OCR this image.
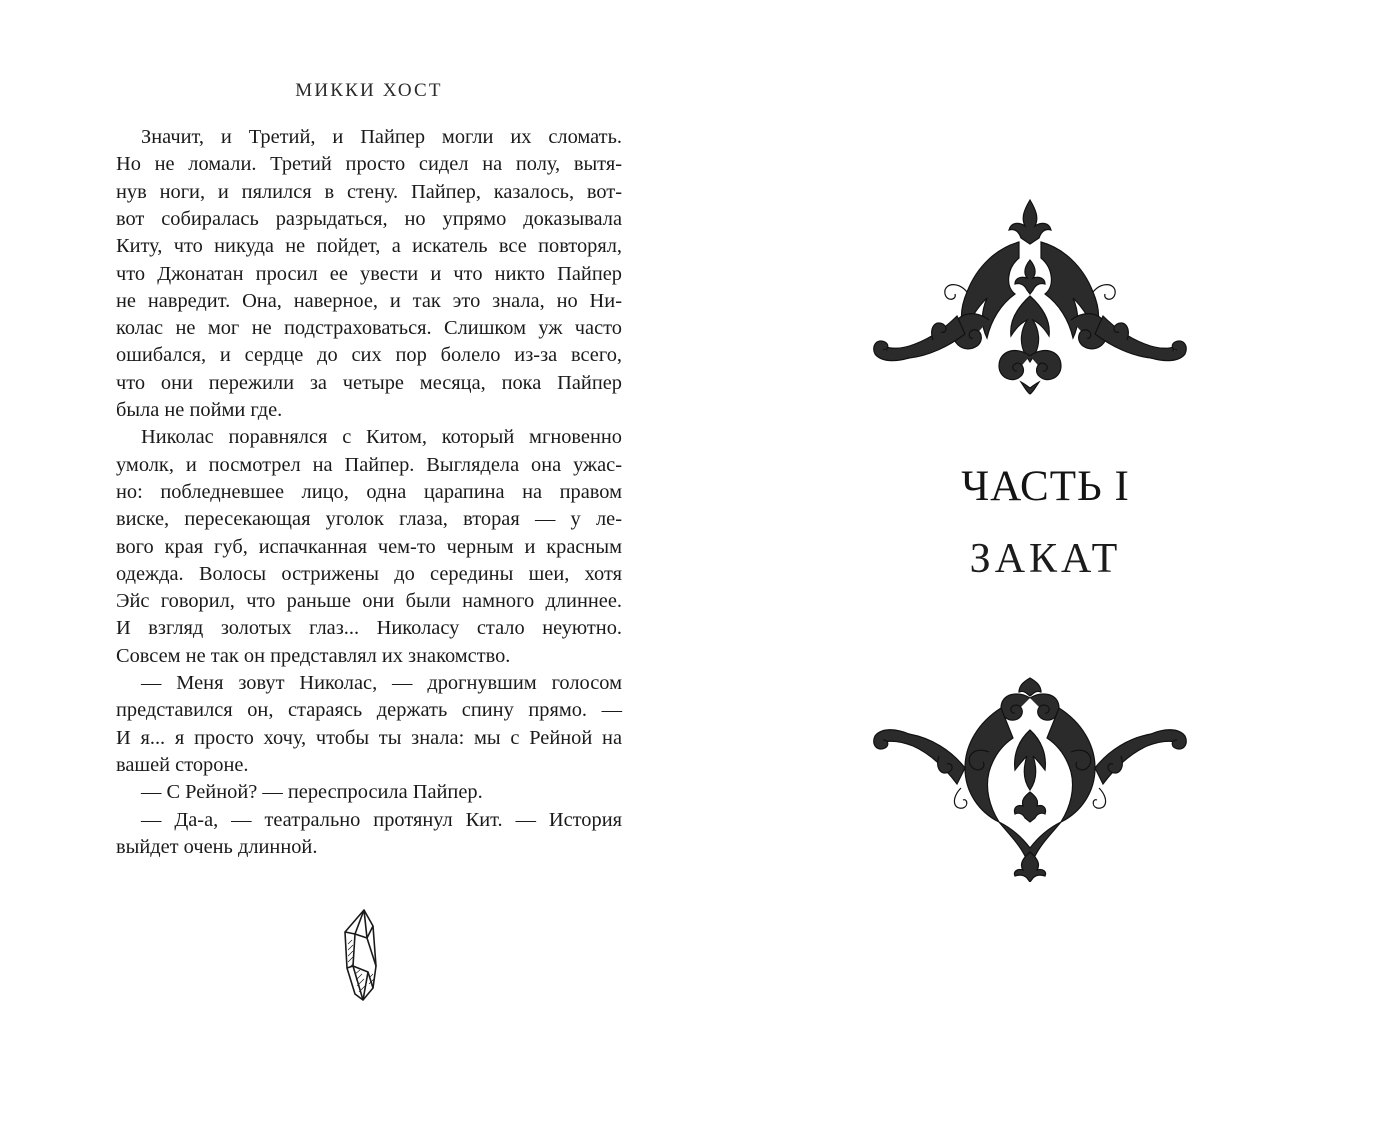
МИККИ ХОСТ
Значит, и Третий, и Пайпер могли их сломать.
Но не ломали. Третий просто сидел на полу, вытя-
нув ноги, и пялился в стену. Пайпер, казалось, вот-
вот собиралась разрыдаться, но упрямо доказывала
Киту, что никуда не пойдет, а искатель все повторял,
что Джонатан просил ее увести и что никто Пайпер
не навредит. Она, наверное, и так это знала, но Ни-
колас не мог не подстраховаться. Слишком уж часто
ошибался, и сердце до сих пор болело из-за всего,
что они пережили за четыре месяца, пока Пайпер
была не пойми где.
Николас поравнялся с Китом, который мгновенно
умолк, и посмотрел на Пайпер. Выглядела она ужас-
но: побледневшее лицо, одна царапина на правом
виске, пересекающая уголок глаза, вторая — у ле-
вого края губ, испачканная чем-то черным и красным
одежда. Волосы острижены до середины шеи, хотя
Эйс говорил, что раньше они были намного длиннее.
И взгляд золотых глаз... Николасу стало неуютно.
Совсем не так он представлял их знакомство.
— Меня зовут Николас, — дрогнувшим голосом
представился он, стараясь держать спину прямо. —
И я... я просто хочу, чтобы ты знала: мы с Рейной на
вашей стороне.
— С Рейной? — переспросила Пайпер.
— Да-а, — театрально протянул Кит. — История
выйдет очень длинной.
ЧАСТЬ I
ЗАКАТ
